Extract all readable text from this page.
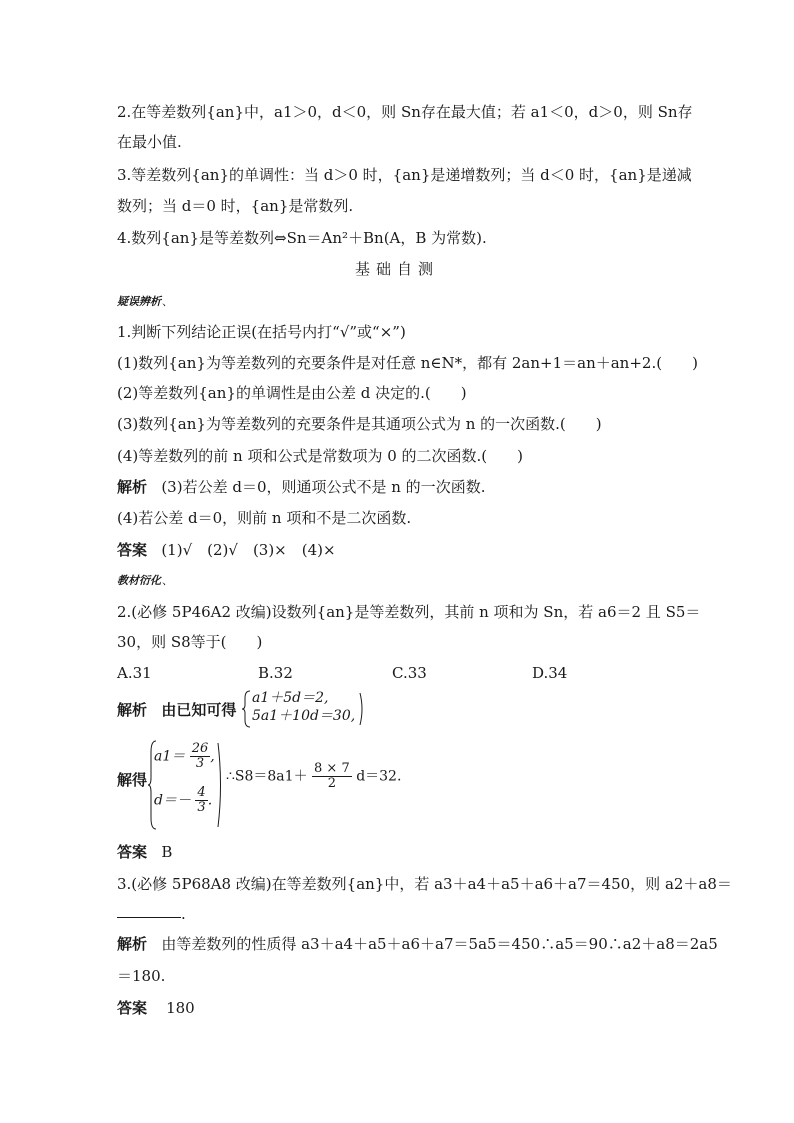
2.在等差数列{an}中，a1＞0，d＜0，则 Sn存在最大值；若 a1＜0，d＞0，则 Sn存
在最小值.
3.等差数列{an}的单调性：当 d＞0 时，{an}是递增数列；当 d＜0 时，{an}是递减
数列；当 d＝0 时，{an}是常数列.
4.数列{an}是等差数列⇔Sn＝An²＋Bn(A，B 为常数).
基础自测
疑误辨析 、
1.判断下列结论正误(在括号内打“√”或“×”)
(1)数列{an}为等差数列的充要条件是对任意 n∈N*，都有 2an+1＝an＋an+2.(　　)
(2)等差数列{an}的单调性是由公差 d 决定的.(　　)
(3)数列{an}为等差数列的充要条件是其通项公式为 n 的一次函数.(　　)
(4)等差数列的前 n 项和公式是常数项为 0 的二次函数.(　　)
解析 (3)若公差 d＝0，则通项公式不是 n 的一次函数.
(4)若公差 d＝0，则前 n 项和不是二次函数.
答案 (1)√　(2)√　(3)×　(4)×
教材衍化 、
2.(必修 5P46A2 改编)设数列{an}是等差数列，其前 n 项和为 Sn，若 a6＝2 且 S5＝
30，则 S8等于(　　)
A.31	B.32	C.33	D.34
解析 由已知可得
a1＋5d＝2,
5a1＋10d＝30,
解得
$a1= \frac{26}{3}$ ,
$d=- \frac{4}{3}$ .
∴S8＝8a1＋ $\frac{8 \times 7}{2} d=32$.
答案 B
3.(必修 5P68A8 改编)在等差数列{an}中，若 a3＋a4＋a5＋a6＋a7＝450，则 a2＋a8＝
.
解析 由等差数列的性质得 a3＋a4＋a5＋a6＋a7＝5a5＝450∴a5＝90∴a2＋a8＝2a5
＝180.
答案 180
